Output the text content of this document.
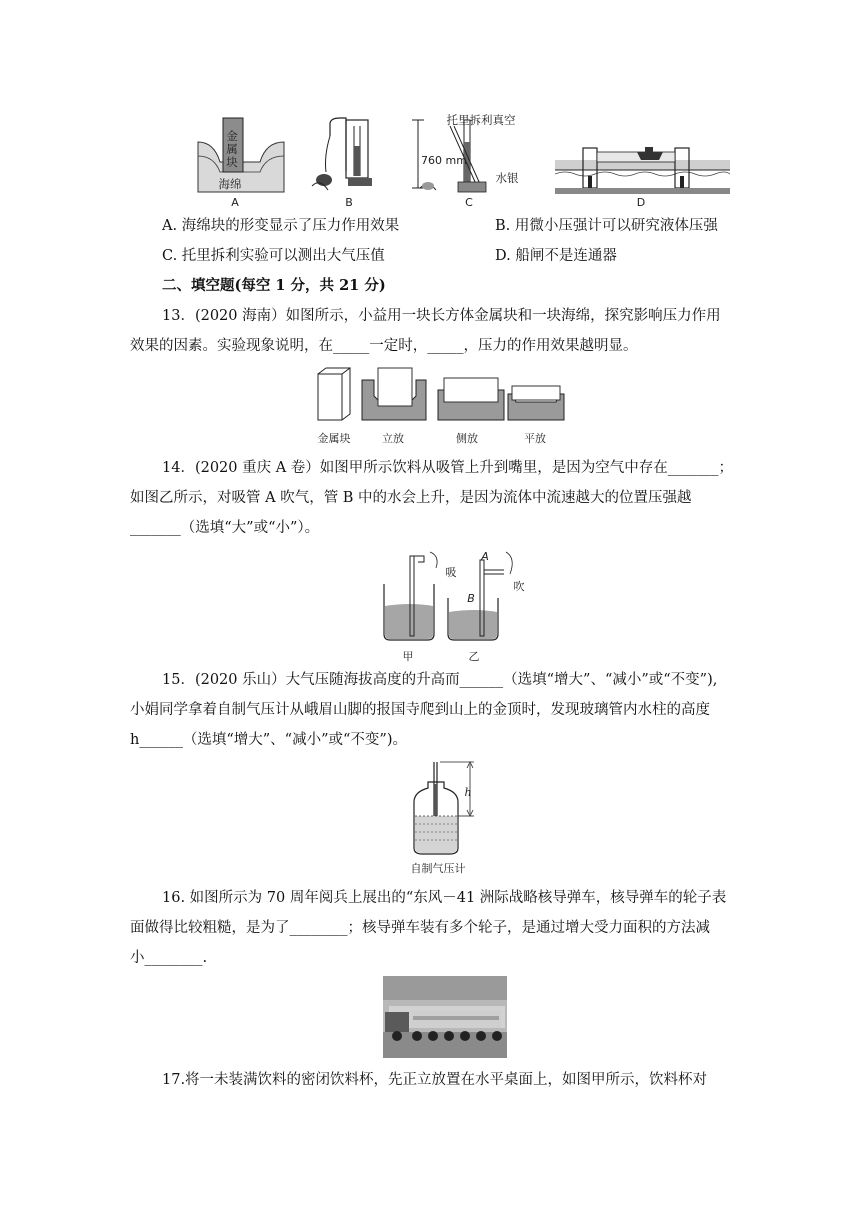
金属块
海绵
A	B
托里拆利真空
760 mm
水银
C	D
A. 海绵块的形变显示了压力作用效果	B. 用微小压强计可以研究液体压强
C. 托里拆利实验可以测出大气压值	D. 船闸不是连通器
二、填空题(每空 1 分，共 21 分)
13．(2020 海南）如图所示，小益用一块长方体金属块和一块海绵，探究影响压力作用
效果的因素。实验现象说明，在_____一定时，_____，压力的作用效果越明显。
金属块	立放	侧放	平放
14．(2020 重庆 A 卷）如图甲所示饮料从吸管上升到嘴里，是因为空气中存在_______；
如图乙所示，对吸管 A 吹气，管 B 中的水会上升，是因为流体中流速越大的位置压强越
_______（选填“大”或“小”）。
吸
吹
A
B
甲	乙
15．(2020 乐山）大气压随海拔高度的升高而______（选填“增大”、“减小”或“不变”),
小娟同学拿着自制气压计从峨眉山脚的报国寺爬到山上的金顶时，发现玻璃管内水柱的高度
h______（选填“增大”、“减小”或“不变”)。
h
自制气压计
16. 如图所示为 70 周年阅兵上展出的“东风－41 洲际战略核导弹车，核导弹车的轮子表
面做得比较粗糙，是为了________；核导弹车装有多个轮子，是通过增大受力面积的方法减
小________.
17.将一未装满饮料的密闭饮料杯，先正立放置在水平桌面上，如图甲所示，饮料杯对
